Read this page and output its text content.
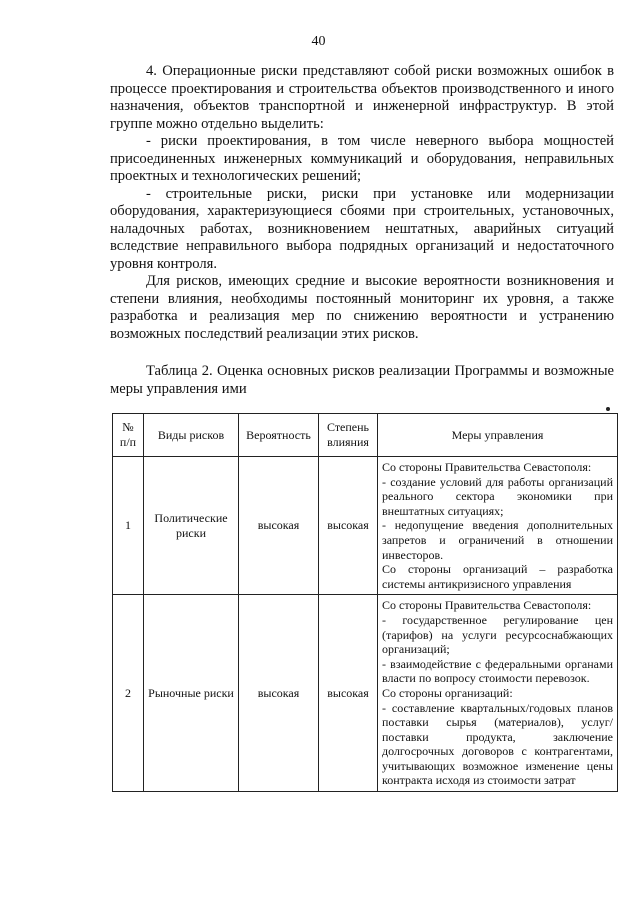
40

4. Операционные риски представляют собой риски возможных ошибок в процессе проектирования и строительства объектов производственного и иного назначения, объектов транспортной и инженерной инфраструктур. В этой группе можно отдельно выделить:

- риски проектирования, в том числе неверного выбора мощностей присоединенных инженерных коммуникаций и оборудования, неправильных проектных и технологических решений;

- строительные риски, риски при установке или модернизации оборудования, характеризующиеся сбоями при строительных, установочных, наладочных работах, возникновением нештатных, аварийных ситуаций вследствие неправильного выбора подрядных организаций и недостаточного уровня контроля.

Для рисков, имеющих средние и высокие вероятности возникновения и степени влияния, необходимы постоянный мониторинг их уровня, а также разработка и реализация мер по снижению вероятности и устранению возможных последствий реализации этих рисков.

Таблица 2. Оценка основных рисков реализации Программы и возможные меры управления ими

№ п/п	Виды рисков	Вероятность	Степень влияния	Меры управления
1	Политические риски	высокая	высокая	Со стороны Правительства Севастополя:
- создание условий для работы организаций реального сектора экономики при внештатных ситуациях;
- недопущение введения дополнительных запретов и ограничений в отношении инвесторов.
Со стороны организаций – разработка системы антикризисного управления

2	Рыночные риски	высокая	высокая	Со стороны Правительства Севастополя:
- государственное регулирование цен (тарифов) на услуги ресурсоснабжающих организаций;
- взаимодействие с федеральными органами власти по вопросу стоимости перевозок.
Со стороны организаций:
- составление квартальных/годовых планов поставки сырья (материалов), услуг/поставки продукта, заключение долгосрочных договоров с контрагентами, учитывающих возможное изменение цены контракта исходя из стоимости затрат
